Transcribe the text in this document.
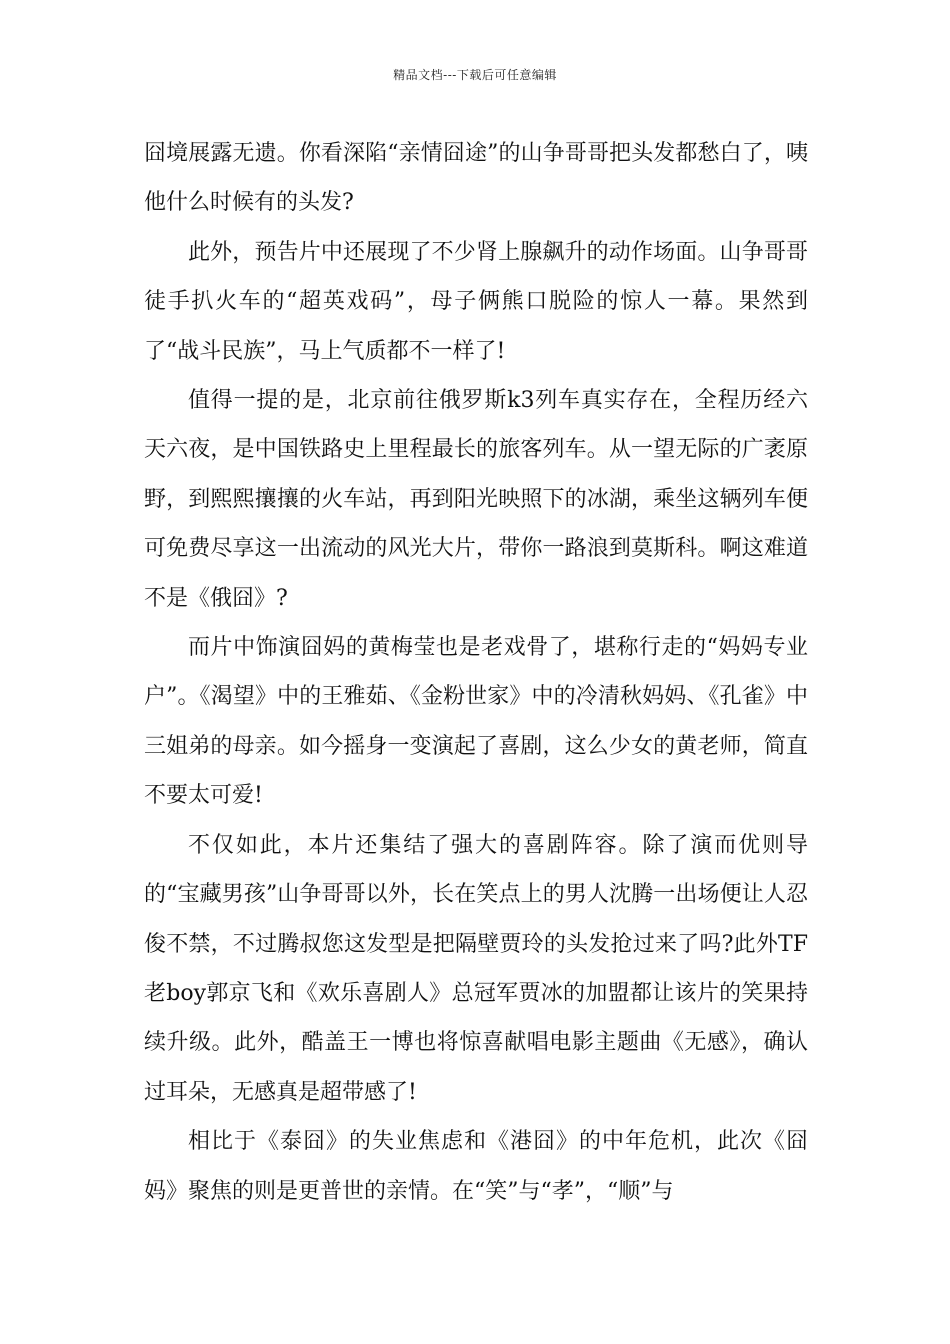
精品文档---下载后可任意编辑

囧境展露无遗。你看深陷“亲情囧途”的山争哥哥把头发都愁白了，咦他什么时候有的头发?

此外，预告片中还展现了不少肾上腺飙升的动作场面。山争哥哥徒手扒火车的“超英戏码”，母子俩熊口脱险的惊人一幕。果然到了“战斗民族”，马上气质都不一样了!

值得一提的是，北京前往俄罗斯k3列车真实存在，全程历经六天六夜，是中国铁路史上里程最长的旅客列车。从一望无际的广袤原野，到熙熙攘攘的火车站，再到阳光映照下的冰湖，乘坐这辆列车便可免费尽享这一出流动的风光大片，带你一路浪到莫斯科。啊这难道不是《俄囧》?

而片中饰演囧妈的黄梅莹也是老戏骨了，堪称行走的“妈妈专业户”。《渴望》中的王雅茹、《金粉世家》中的冷清秋妈妈、《孔雀》中三姐弟的母亲。如今摇身一变演起了喜剧，这么少女的黄老师，简直不要太可爱!

不仅如此，本片还集结了强大的喜剧阵容。除了演而优则导的“宝藏男孩”山争哥哥以外，长在笑点上的男人沈腾一出场便让人忍俊不禁，不过腾叔您这发型是把隔壁贾玲的头发抢过来了吗?此外TF老boy郭京飞和《欢乐喜剧人》总冠军贾冰的加盟都让该片的笑果持续升级。此外，酷盖王一博也将惊喜献唱电影主题曲《无感》，确认过耳朵，无感真是超带感了!

相比于《泰囧》的失业焦虑和《港囧》的中年危机，此次《囧妈》聚焦的则是更普世的亲情。在“笑”与“孝”，“顺”与
